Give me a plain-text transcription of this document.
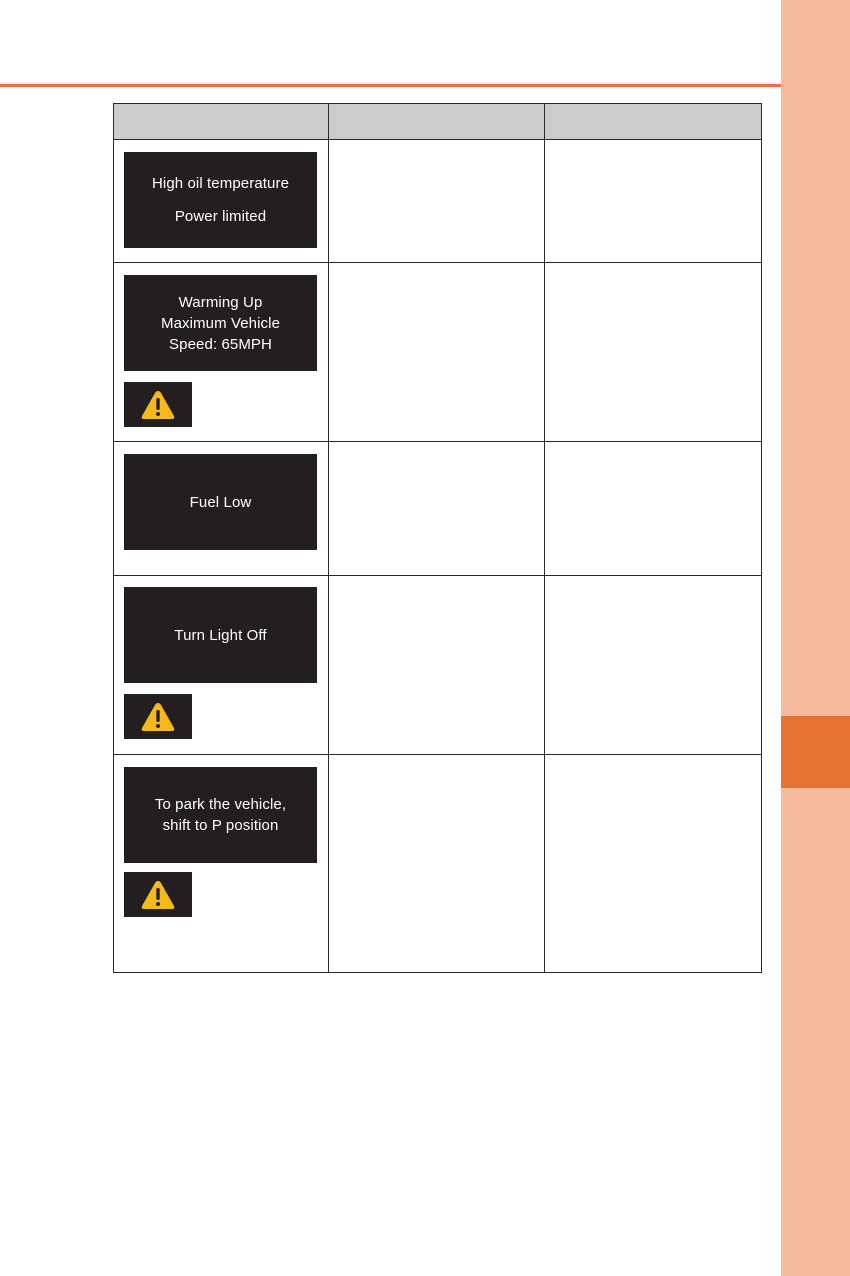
High oil temperature
Power limited		

Warming Up
Maximum Vehicle
Speed: 65MPH		

Fuel Low		

Turn Light Off		

To park the vehicle,
shift to P position		
